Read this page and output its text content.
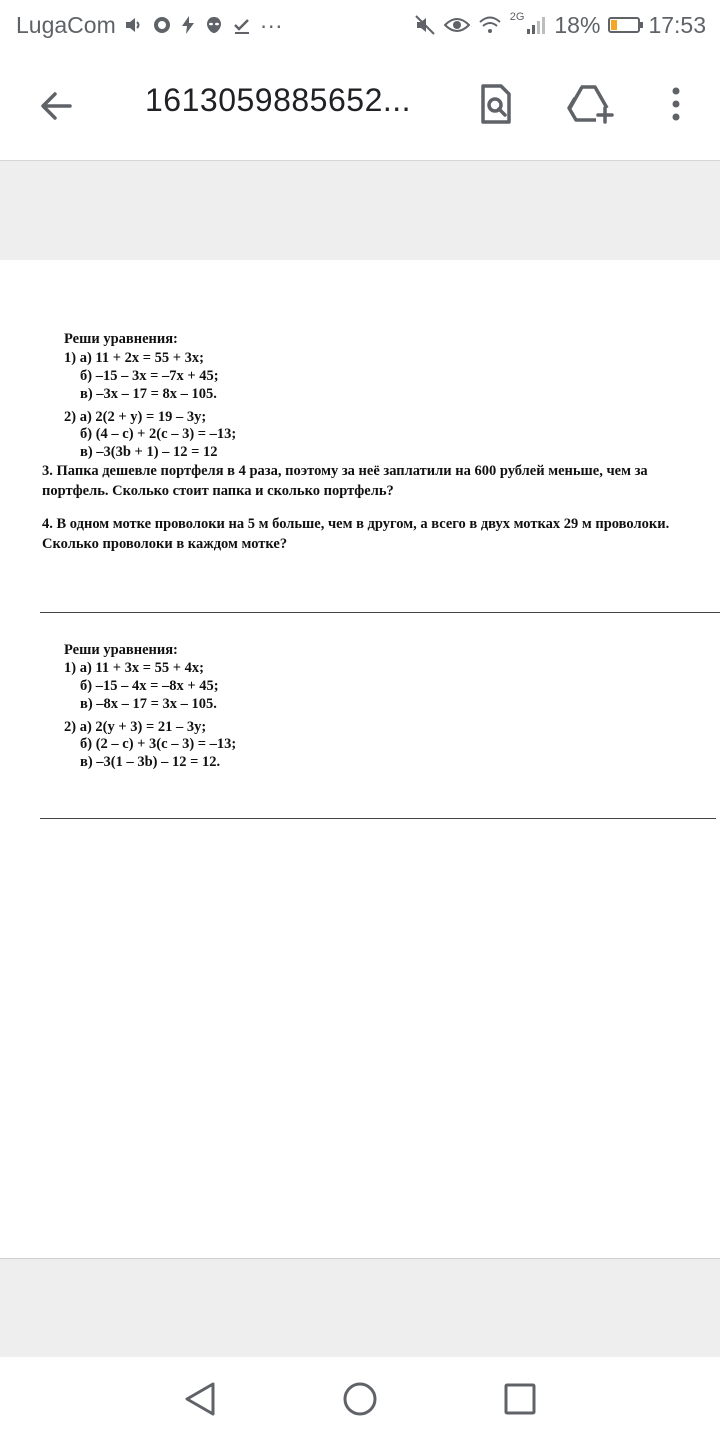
LugaCom	···	2G 18% 17:53
1613059885652...
Реши уравнения:
1) а) 11 + 2x = 55 + 3x;
б) –15 – 3x = –7x + 45;
в) –3x – 17 = 8x – 105.
2) а) 2(2 + y) = 19 – 3y;
б) (4 – c) + 2(c – 3) = –13;
в) –3(3b + 1) – 12 = 12
3. Папка дешевле портфеля в 4 раза, поэтому за неё заплатили на 600 рублей меньше, чем за портфель. Сколько стоит папка и сколько портфель?
4. В одном мотке проволоки на 5 м больше, чем в другом, а всего в двух мотках 29 м проволоки. Сколько проволоки в каждом мотке?
Реши уравнения:
1) а) 11 + 3x = 55 + 4x;
б) –15 – 4x = –8x + 45;
в) –8x – 17 = 3x – 105.
2) а) 2(y + 3) = 21 – 3y;
б) (2 – c) + 3(c – 3) = –13;
в) –3(1 – 3b) – 12 = 12.
